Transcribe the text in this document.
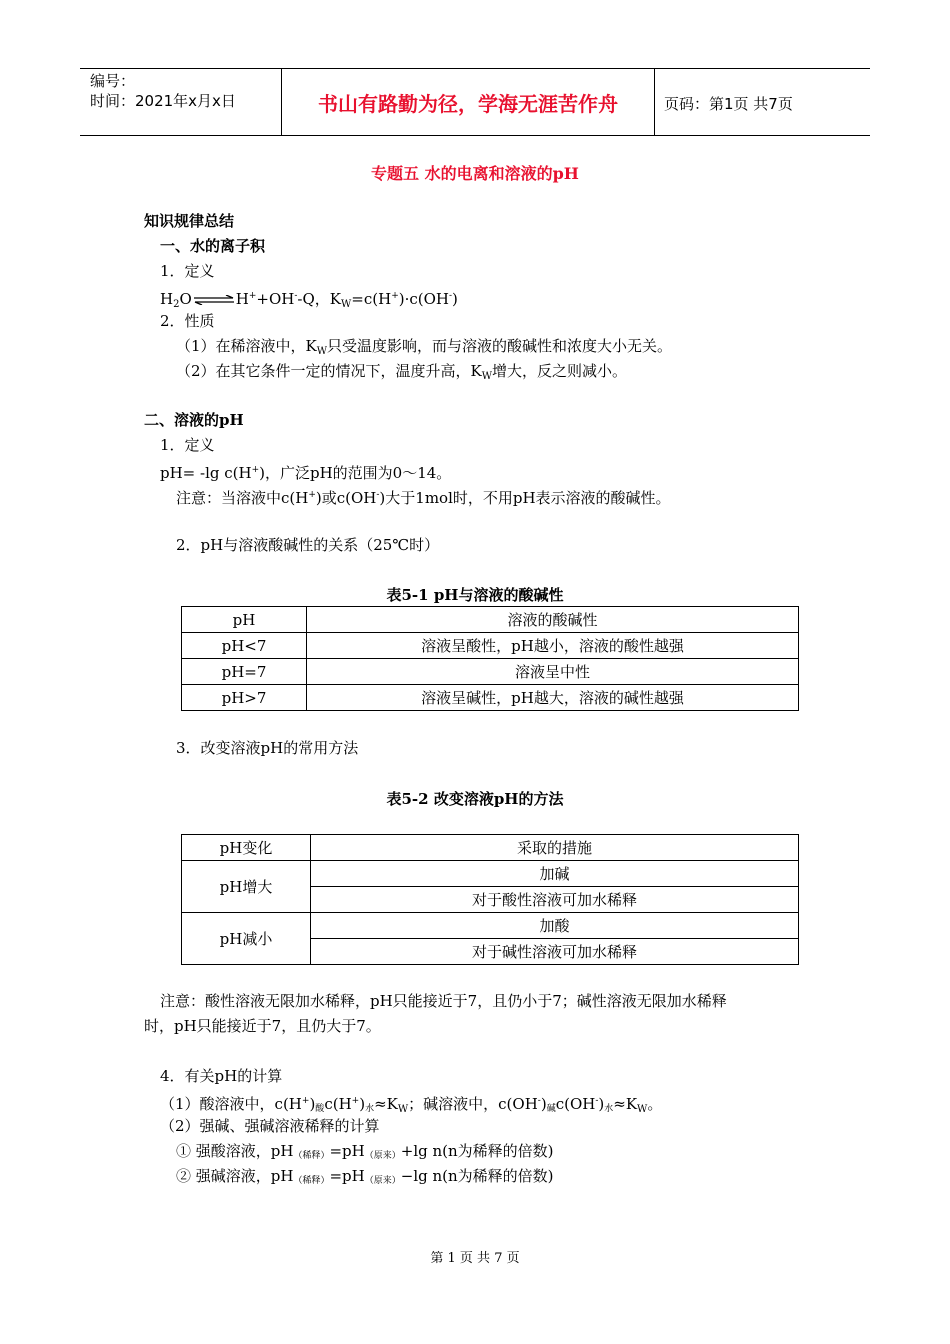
编号：
时间：2021年x月x日	书山有路勤为径，学海无涯苦作舟	页码：第1页 共7页
专题五 水的电离和溶液的pH
知识规律总结
一、水的离子积
1．定义
$H_2O\rightleftharpoons H^++OH^--Q$，$K_W=c(H^+)\cdot c(OH^-)$
2．性质
（1）在稀溶液中，$K_W$只受温度影响，而与溶液的酸碱性和浓度大小无关。
（2）在其它条件一定的情况下，温度升高，$K_W$增大，反之则减小。
二、溶液的pH
1．定义
pH= -lg c(H+)，广泛pH的范围为0～14。
注意：当溶液中c(H+)或c(OH-)大于1mol时，不用pH表示溶液的酸碱性。
2．pH与溶液酸碱性的关系（25℃时）
表5-1 pH与溶液的酸碱性
pH	溶液的酸碱性
pH<7	溶液呈酸性，pH越小，溶液的酸性越强
pH=7	溶液呈中性
pH>7	溶液呈碱性，pH越大，溶液的碱性越强
3．改变溶液pH的常用方法
表5-2 改变溶液pH的方法
pH变化	采取的措施
pH增大	加碱
	对于酸性溶液可加水稀释
pH减小	加酸
	对于碱性溶液可加水稀释
注意：酸性溶液无限加水稀释，pH只能接近于7，且仍小于7；碱性溶液无限加水稀释
时，pH只能接近于7，且仍大于7。
4．有关pH的计算
（1）酸溶液中，c(H+)酸c(H+)水$\approx K_W$；碱溶液中，c(OH-)碱c(OH-)水$\approx K_W$。
（2）强碱、强碱溶液稀释的计算
① 强酸溶液，pH（稀释）=pH（原来）+lg n(n为稀释的倍数)
② 强碱溶液，pH（稀释）=pH（原来）−lg n(n为稀释的倍数)
第 1 页 共 7 页
